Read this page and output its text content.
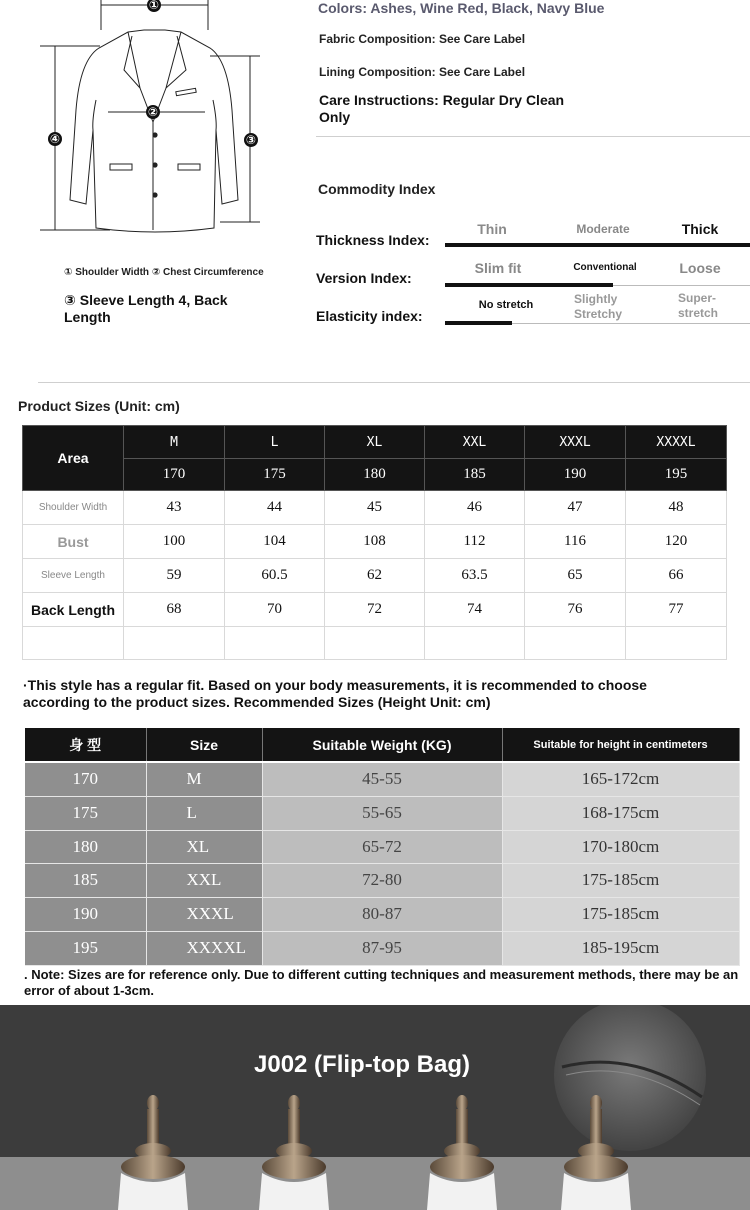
①
②
③
④
① Shoulder Width ② Chest Circumference
③ Sleeve Length 4, Back Length
Colors: Ashes, Wine Red, Black, Navy Blue
Fabric Composition: See Care Label
Lining Composition: See Care Label
Care Instructions: Regular Dry Clean Only
Commodity Index
Thickness Index:
Thin	Moderate	Thick
Version Index:
Slim fit	Conventional	Loose
Elasticity index:
No stretch	Slightly Stretchy
Super-stretch
Product Sizes (Unit: cm)
Area	M	L	XL	XXL	XXXL	XXXXL
	170	175	180	185	190	195
Shoulder Width	43	44	45	46	47	48
Bust	100	104	108	112	116	120
Sleeve Length	59	60.5	62	63.5	65	66
Back Length	68	70	72	74	76	77

·This style has a regular fit. Based on your body measurements, it is recommended to choose according to the product sizes. Recommended Sizes (Height Unit: cm)
身 型	Size	Suitable Weight (KG)	Suitable for height in centimeters
170	M	45-55	165-172cm
175	L	55-65	168-175cm
180	XL	65-72	170-180cm
185	XXL	72-80	175-185cm
190	XXXL	80-87	175-185cm
195	XXXXL	87-95	185-195cm
. Note: Sizes are for reference only. Due to different cutting techniques and measurement methods, there may be an error of about 1-3cm.
J002 (Flip-top Bag)
